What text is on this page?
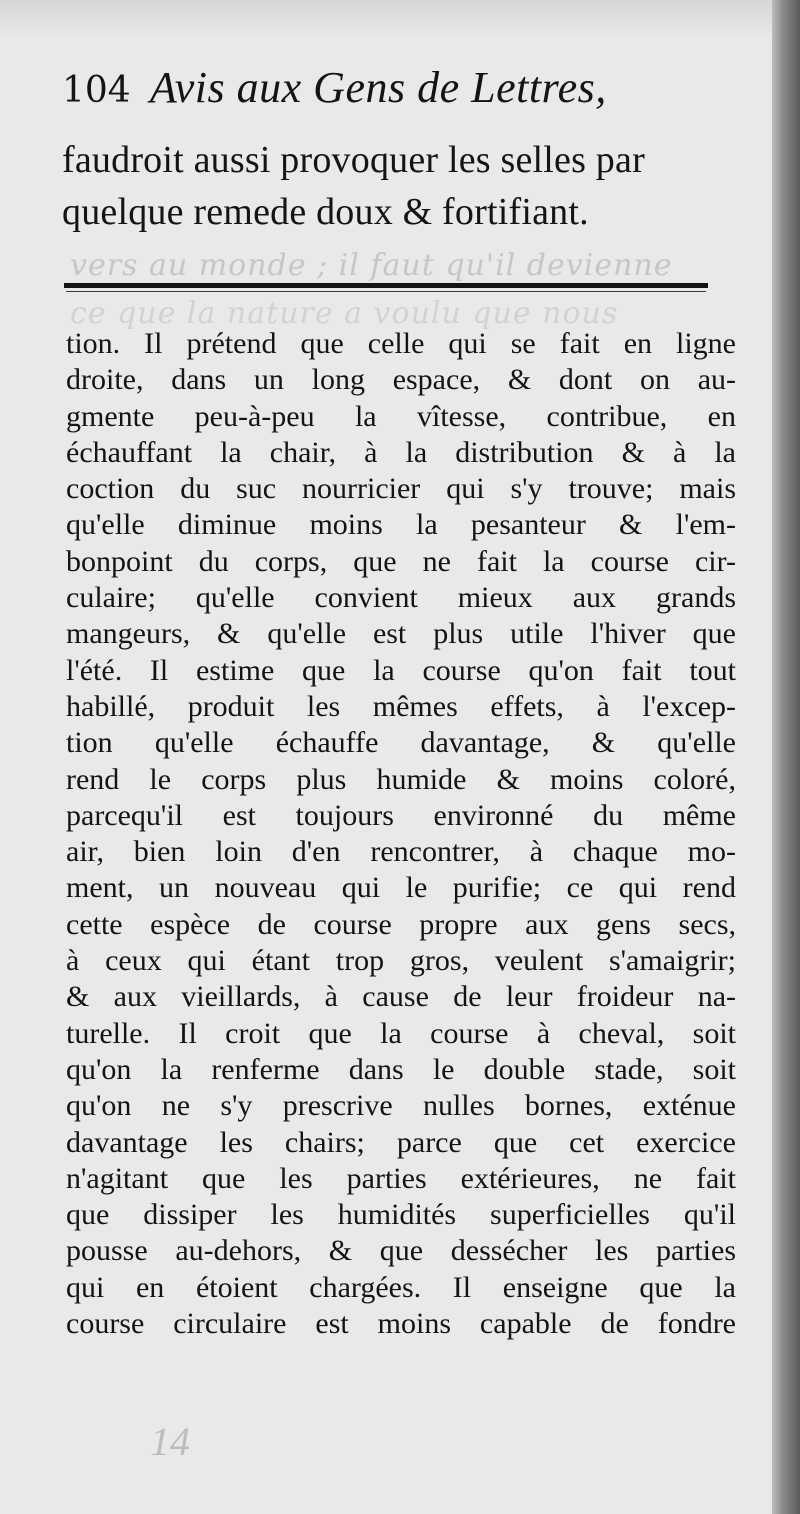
104 Avis aux Gens de Lettres,
faudroit aussi provoquer les selles par
quelque remede doux & fortifiant.
vers au monde ; il faut qu'il devienne
ce que la nature a voulu que nous
tion. Il prétend que celle qui se fait en ligne
droite, dans un long espace, & dont on au-
gmente peu-à-peu la vîtesse, contribue, en
échauffant la chair, à la distribution & à la
coction du suc nourricier qui s'y trouve; mais
qu'elle diminue moins la pesanteur & l'em-
bonpoint du corps, que ne fait la course cir-
culaire; qu'elle convient mieux aux grands
mangeurs, & qu'elle est plus utile l'hiver que
l'été. Il estime que la course qu'on fait tout
habillé, produit les mêmes effets, à l'excep-
tion qu'elle échauffe davantage, & qu'elle
rend le corps plus humide & moins coloré,
parcequ'il est toujours environné du même
air, bien loin d'en rencontrer, à chaque mo-
ment, un nouveau qui le purifie; ce qui rend
cette espèce de course propre aux gens secs,
à ceux qui étant trop gros, veulent s'amaigrir;
& aux vieillards, à cause de leur froideur na-
turelle. Il croit que la course à cheval, soit
qu'on la renferme dans le double stade, soit
qu'on ne s'y prescrive nulles bornes, exténue
davantage les chairs; parce que cet exercice
n'agitant que les parties extérieures, ne fait
que dissiper les humidités superficielles qu'il
pousse au-dehors, & que dessécher les parties
qui en étoient chargées. Il enseigne que la
course circulaire est moins capable de fondre
14
